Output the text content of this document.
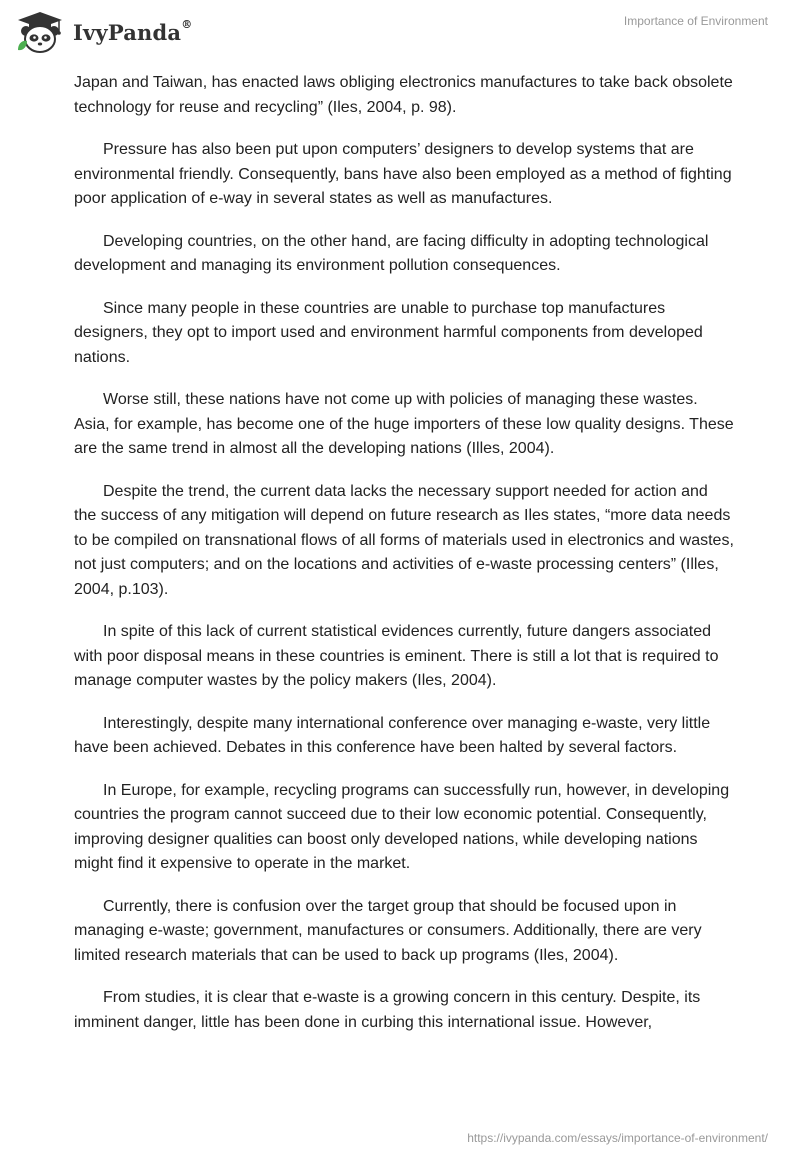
IvyPanda®	Importance of Environment

Japan and Taiwan, has enacted laws obliging electronics manufactures to take back obsolete technology for reuse and recycling” (Iles, 2004, p. 98).

Pressure has also been put upon computers’ designers to develop systems that are environmental friendly. Consequently, bans have also been employed as a method of fighting poor application of e-way in several states as well as manufactures.

Developing countries, on the other hand, are facing difficulty in adopting technological development and managing its environment pollution consequences.

Since many people in these countries are unable to purchase top manufactures designers, they opt to import used and environment harmful components from developed nations.

Worse still, these nations have not come up with policies of managing these wastes. Asia, for example, has become one of the huge importers of these low quality designs. These are the same trend in almost all the developing nations (Illes, 2004).

Despite the trend, the current data lacks the necessary support needed for action and the success of any mitigation will depend on future research as Iles states, “more data needs to be compiled on transnational flows of all forms of materials used in electronics and wastes, not just computers; and on the locations and activities of e-waste processing centers” (Illes, 2004, p.103).

In spite of this lack of current statistical evidences currently, future dangers associated with poor disposal means in these countries is eminent. There is still a lot that is required to manage computer wastes by the policy makers (Iles, 2004).

Interestingly, despite many international conference over managing e-waste, very little have been achieved. Debates in this conference have been halted by several factors.

In Europe, for example, recycling programs can successfully run, however, in developing countries the program cannot succeed due to their low economic potential. Consequently, improving designer qualities can boost only developed nations, while developing nations might find it expensive to operate in the market.

Currently, there is confusion over the target group that should be focused upon in managing e-waste; government, manufactures or consumers. Additionally, there are very limited research materials that can be used to back up programs (Iles, 2004).

From studies, it is clear that e-waste is a growing concern in this century. Despite, its imminent danger, little has been done in curbing this international issue. However,

https://ivypanda.com/essays/importance-of-environment/
